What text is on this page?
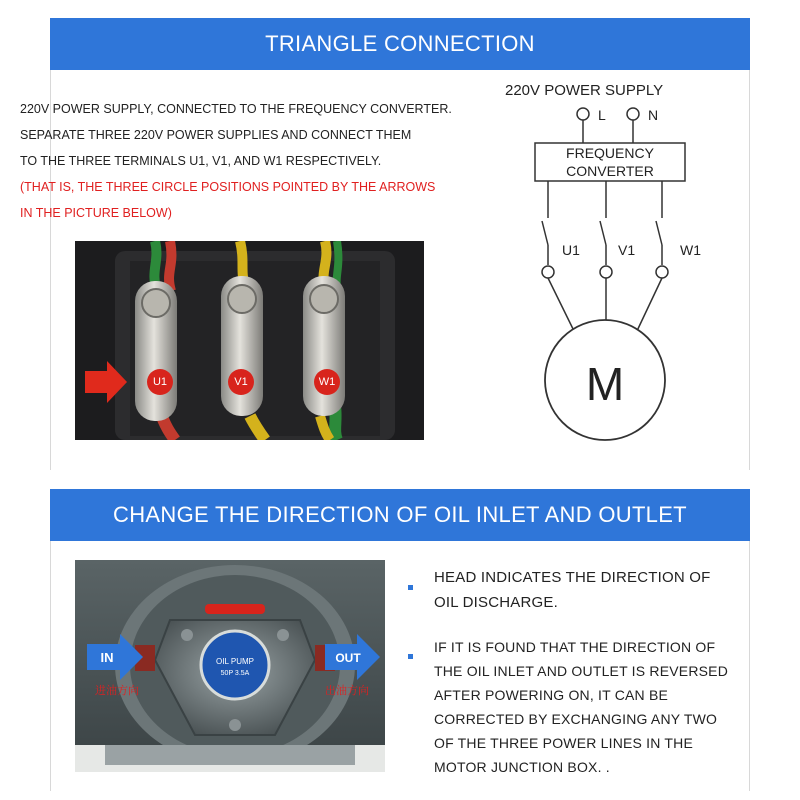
TRIANGLE CONNECTION
220V POWER SUPPLY, CONNECTED TO THE FREQUENCY CONVERTER.
SEPARATE THREE 220V POWER SUPPLIES AND CONNECT THEM
TO THE THREE TERMINALS U1, V1, AND W1 RESPECTIVELY.
(THAT IS, THE THREE CIRCLE POSITIONS POINTED BY THE ARROWS
IN THE PICTURE BELOW)
U1	V1	W1
220V POWER SUPPLY
L	N
FREQUENCY
CONVERTER
U1	V1	W1
M
CHANGE THE DIRECTION OF OIL INLET AND OUTLET
OIL PUMP
50P 3.5A
IN	OUT
进油方向	出油方向
HEAD INDICATES THE DIRECTION OF
OIL DISCHARGE.
IF IT IS FOUND THAT THE DIRECTION OF
THE OIL INLET AND OUTLET IS REVERSED
AFTER POWERING ON, IT CAN BE
CORRECTED BY EXCHANGING ANY TWO
OF THE THREE POWER LINES IN THE
MOTOR JUNCTION BOX. .
